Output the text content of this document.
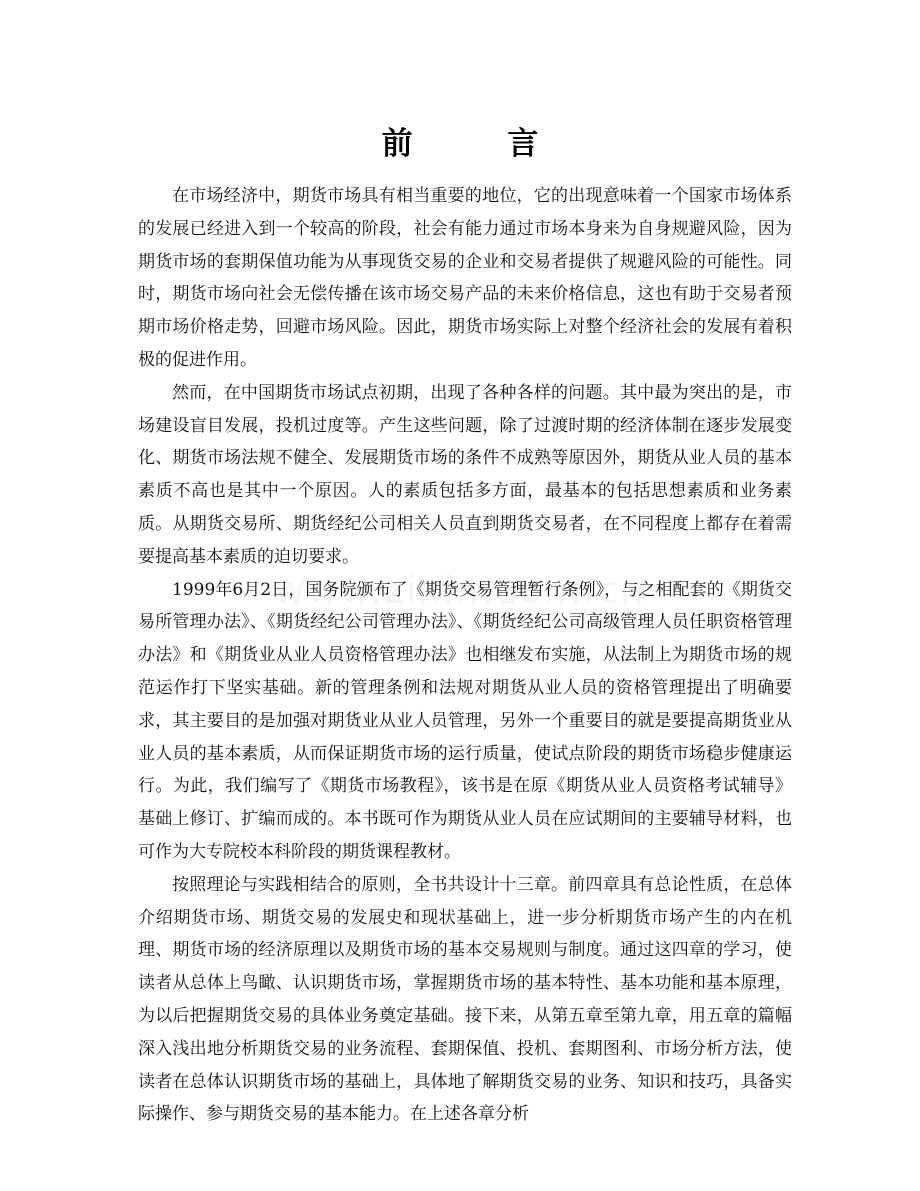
前 言

在市场经济中，期货市场具有相当重要的地位，它的出现意味着一个国家市场体系的发展已经进入到一个较高的阶段，社会有能力通过市场本身来为自身规避风险，因为期货市场的套期保值功能为从事现货交易的企业和交易者提供了规避风险的可能性。同时，期货市场向社会无偿传播在该市场交易产品的未来价格信息，这也有助于交易者预期市场价格走势，回避市场风险。因此，期货市场实际上对整个经济社会的发展有着积极的促进作用。

然而，在中国期货市场试点初期，出现了各种各样的问题。其中最为突出的是，市场建设盲目发展，投机过度等。产生这些问题，除了过渡时期的经济体制在逐步发展变化、期货市场法规不健全、发展期货市场的条件不成熟等原因外，期货从业人员的基本素质不高也是其中一个原因。人的素质包括多方面，最基本的包括思想素质和业务素质。从期货交易所、期货经纪公司相关人员直到期货交易者，在不同程度上都存在着需要提高基本素质的迫切要求。

1999年6月2日，国务院颁布了《期货交易管理暂行条例》，与之相配套的《期货交易所管理办法》、《期货经纪公司管理办法》、《期货经纪公司高级管理人员任职资格管理办法》和《期货业从业人员资格管理办法》也相继发布实施，从法制上为期货市场的规范运作打下坚实基础。新的管理条例和法规对期货从业人员的资格管理提出了明确要求，其主要目的是加强对期货业从业人员管理，另外一个重要目的就是要提高期货业从业人员的基本素质，从而保证期货市场的运行质量，使试点阶段的期货市场稳步健康运行。为此，我们编写了《期货市场教程》，该书是在原《期货从业人员资格考试辅导》基础上修订、扩编而成的。本书既可作为期货从业人员在应试期间的主要辅导材料，也可作为大专院校本科阶段的期货课程教材。

按照理论与实践相结合的原则，全书共设计十三章。前四章具有总论性质，在总体介绍期货市场、期货交易的发展史和现状基础上，进一步分析期货市场产生的内在机理、期货市场的经济原理以及期货市场的基本交易规则与制度。通过这四章的学习，使读者从总体上鸟瞰、认识期货市场，掌握期货市场的基本特性、基本功能和基本原理，为以后把握期货交易的具体业务奠定基础。接下来，从第五章至第九章，用五章的篇幅深入浅出地分析期货交易的业务流程、套期保值、投机、套期图利、市场分析方法，使读者在总体认识期货市场的基础上，具体地了解期货交易的业务、知识和技巧，具备实际操作、参与期货交易的基本能力。在上述各章分析
